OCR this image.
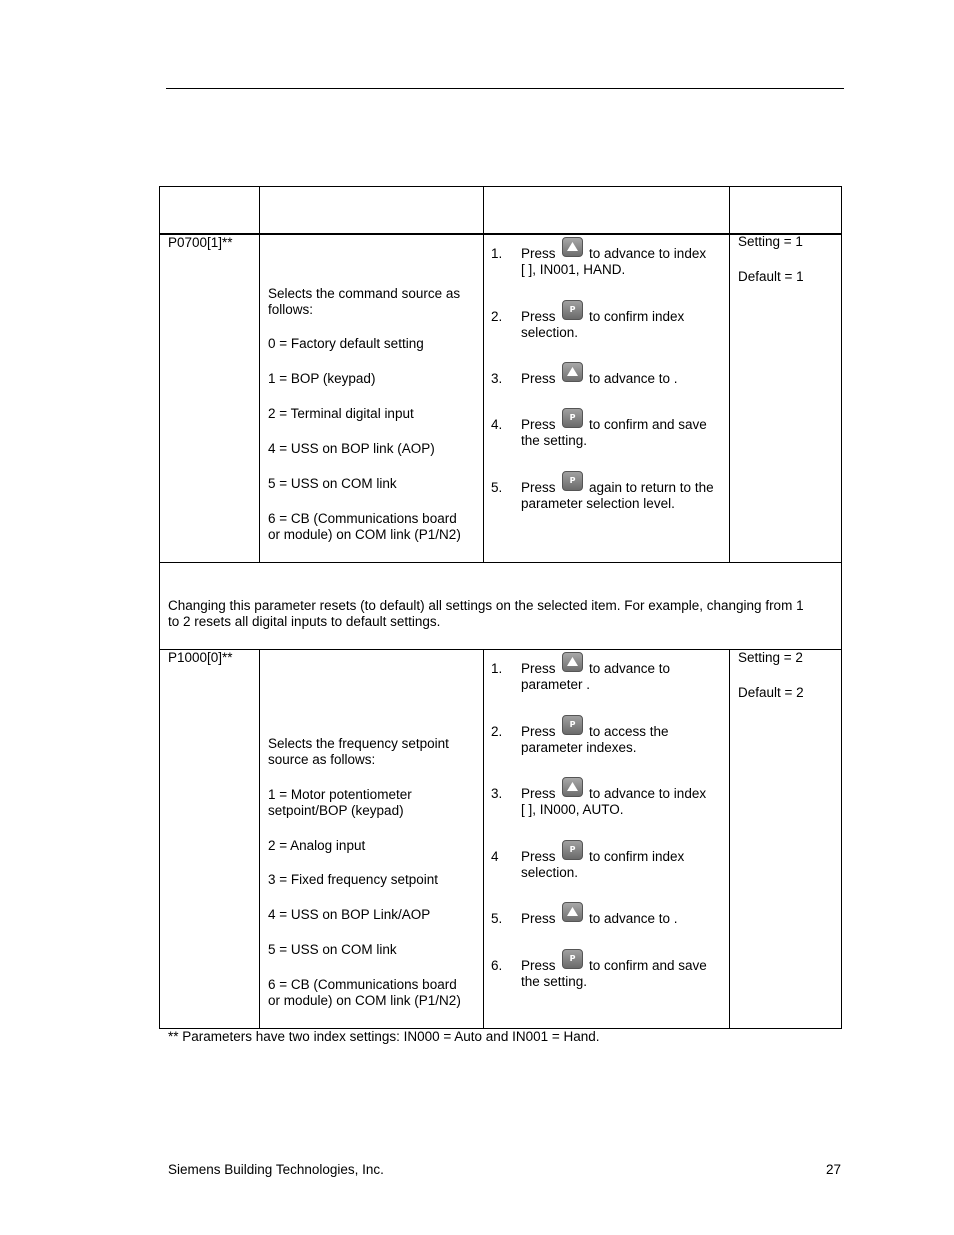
P0700[1]**
Selects the command source as
follows:
0 = Factory default setting
1 = BOP (keypad)
2 = Terminal digital input
4 = USS on BOP link (AOP)
5 = USS on COM link
6 = CB (Communications board
or module) on COM link (P1/N2)
1. Press to advance to index
[ ], IN001, HAND.
2. Press to confirm index
selection.
P
3. Press to advance to .
4. Press to confirm and save
the setting.
P
5. Press again to return to the
parameter selection level.
P
Setting = 1
Default = 1
Changing this parameter resets (to default) all settings on the selected item. For example, changing from 1
to 2 resets all digital inputs to default settings.
P1000[0]**
Selects the frequency setpoint
source as follows:
1 = Motor potentiometer
setpoint/BOP (keypad)
2 = Analog input
3 = Fixed frequency setpoint
4 = USS on BOP Link/AOP
5 = USS on COM link
6 = CB (Communications board
or module) on COM link (P1/N2)
1. Press to advance to
parameter .
2. Press to access the
parameter indexes.
P
3. Press to advance to index
[ ], IN000, AUTO.
4 Press to confirm index
selection.
P
5. Press to advance to .
6. Press to confirm and save
the setting.
P
Setting = 2
Default = 2
** Parameters have two index settings: IN000 = Auto and IN001 = Hand.
Siemens Building Technologies, Inc.	27
